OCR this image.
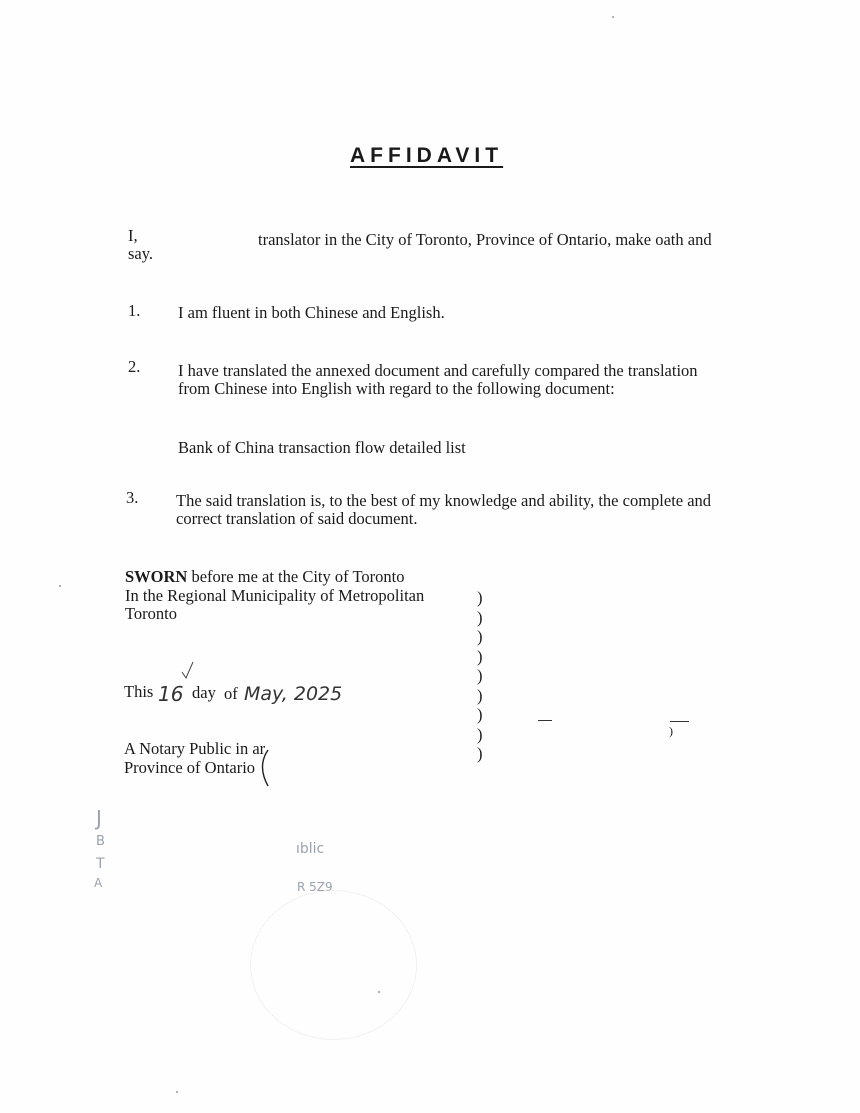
AFFIDAVIT
I,	translator in the City of Toronto, Province of Ontario, make oath and
say.
1. I am fluent in both Chinese and English.
2. I have translated the annexed document and carefully compared the translation
from Chinese into English with regard to the following document:
Bank of China transaction flow detailed list
3. The said translation is, to the best of my knowledge and ability, the complete and
correct translation of said document.
SWORN before me at the City of Toronto
In the Regional Municipality of Metropolitan
Toronto
)
)
)
)
)
)
)
)
)
This 16 day of May, 2025
A Notary Public in ar
Province of Ontario
)
J
B
T
A
ıblic
R 5Z9
